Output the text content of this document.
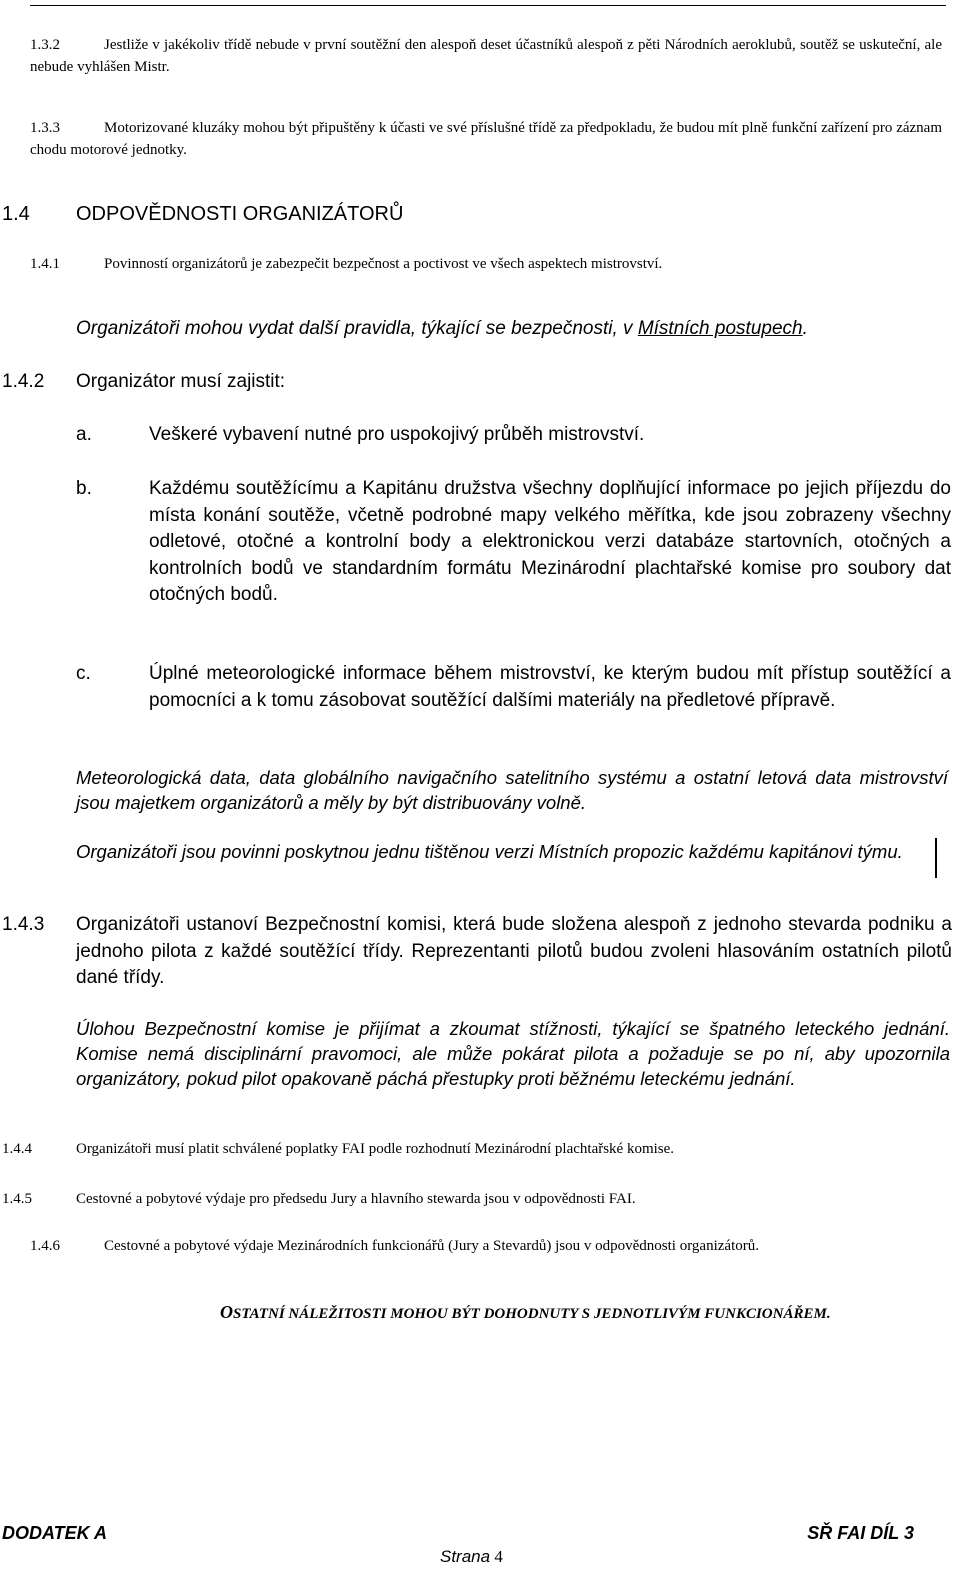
1.3.2	Jestliže v jakékoliv třídě nebude v první soutěžní den alespoň deset účastníků alespoň z pěti Národních aeroklubů, soutěž se uskuteční, ale nebude vyhlášen Mistr.
1.3.3	Motorizované kluzáky mohou být připuštěny k účasti ve své příslušné třídě za předpokladu, že budou mít plně funkční zařízení pro záznam chodu motorové jednotky.
1.4 ODPOVĚDNOSTI ORGANIZÁTORŮ
1.4.1	Povinností organizátorů je zabezpečit bezpečnost a poctivost ve všech aspektech mistrovství.
Organizátoři mohou vydat další pravidla, týkající se bezpečnosti, v Místních postupech.
1.4.2 Organizátor musí zajistit:
a.	Veškeré vybavení nutné pro uspokojivý průběh mistrovství.
b.	Každému soutěžícímu a Kapitánu družstva všechny doplňující informace po jejich příjezdu do místa konání soutěže, včetně podrobné mapy velkého měřítka, kde jsou zobrazeny všechny odletové, otočné a kontrolní body a elektronickou verzi databáze startovních, otočných a kontrolních bodů ve standardním formátu Mezinárodní plachtařské komise pro soubory dat otočných bodů.
c.	Úplné meteorologické informace během mistrovství, ke kterým budou mít přístup soutěžící a pomocníci a k tomu zásobovat soutěžící dalšími materiály na předletové přípravě.
Meteorologická data, data globálního navigačního satelitního systému a ostatní letová data mistrovství jsou majetkem organizátorů a měly by být distribuovány volně.
Organizátoři jsou povinni poskytnou jednu tištěnou verzi Místních propozic každému kapitánovi týmu.
1.4.3 Organizátoři ustanoví Bezpečnostní komisi, která bude složena alespoň z jednoho stevarda podniku a jednoho pilota z každé soutěžící třídy. Reprezentanti pilotů budou zvoleni hlasováním ostatních pilotů dané třídy.
Úlohou Bezpečnostní komise je přijímat a zkoumat stížnosti, týkající se špatného leteckého jednání. Komise nemá disciplinární pravomoci, ale může pokárat pilota a požaduje se po ní, aby upozornila organizátory, pokud pilot opakovaně páchá přestupky proti běžnému leteckému jednání.
1.4.4	Organizátoři musí platit schválené poplatky FAI podle rozhodnutí Mezinárodní plachtařské komise.
1.4.5	Cestovné a pobytové výdaje pro předsedu Jury a hlavního stewarda jsou v odpovědnosti FAI.
1.4.6	Cestovné a pobytové výdaje Mezinárodních funkcionářů (Jury a Stevardů) jsou v odpovědnosti organizátorů.
OSTATNÍ NÁLEŽITOSTI MOHOU BÝT DOHODNUTY S JEDNOTLIVÝM FUNKCIONÁŘEM.
DODATEK A	SŘ FAI DÍL 3
Strana 4
